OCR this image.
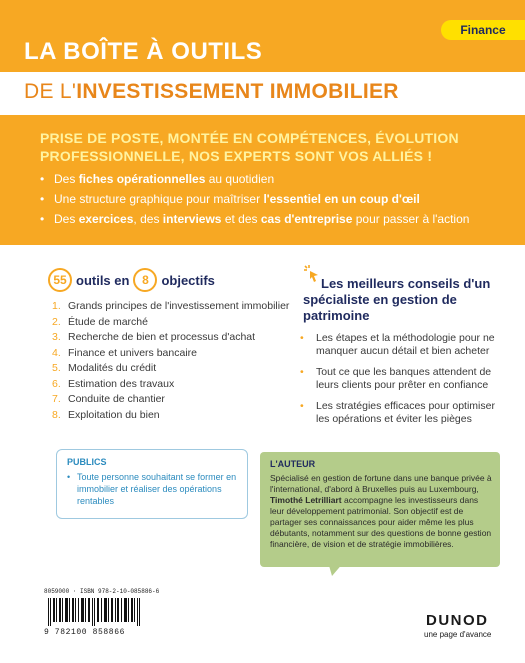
Finance
LA BOÎTE À OUTILS
DE L'INVESTISSEMENT IMMOBILIER
PRISE DE POSTE, MONTÉE EN COMPÉTENCES, ÉVOLUTION PROFESSIONNELLE, NOS EXPERTS SONT VOS ALLIÉS !
• Des fiches opérationnelles au quotidien
• Une structure graphique pour maîtriser l'essentiel en un coup d'œil
• Des exercices, des interviews et des cas d'entreprise pour passer à l'action
55 outils en	8 objectifs
1. Grands principes de l'investissement immobilier
2. Étude de marché
3. Recherche de bien et processus d'achat
4. Finance et univers bancaire
5. Modalités du crédit
6. Estimation des travaux
7. Conduite de chantier
8. Exploitation du bien
PUBLICS
• Toute personne souhaitant se former en immobilier et réaliser des opérations rentables
Les meilleurs conseils d'un spécialiste en gestion de patrimoine
• Les étapes et la méthodologie pour ne manquer aucun détail et bien acheter
• Tout ce que les banques attendent de leurs clients pour prêter en confiance
• Les stratégies efficaces pour optimiser les opérations et éviter les pièges
L'AUTEUR
Spécialisé en gestion de fortune dans une banque privée à l'international, d'abord à Bruxelles puis au Luxembourg, Timothé Letrilliart accompagne les investisseurs dans leur développement patrimonial. Son objectif est de partager ses connaissances pour aider même les plus débutants, notamment sur des questions de bonne gestion financière, de vision et de stratégie immobilières.
8059000 · ISBN 978-2-10-085886-6
9 782100 858866
DUNOD
une page d'avance
